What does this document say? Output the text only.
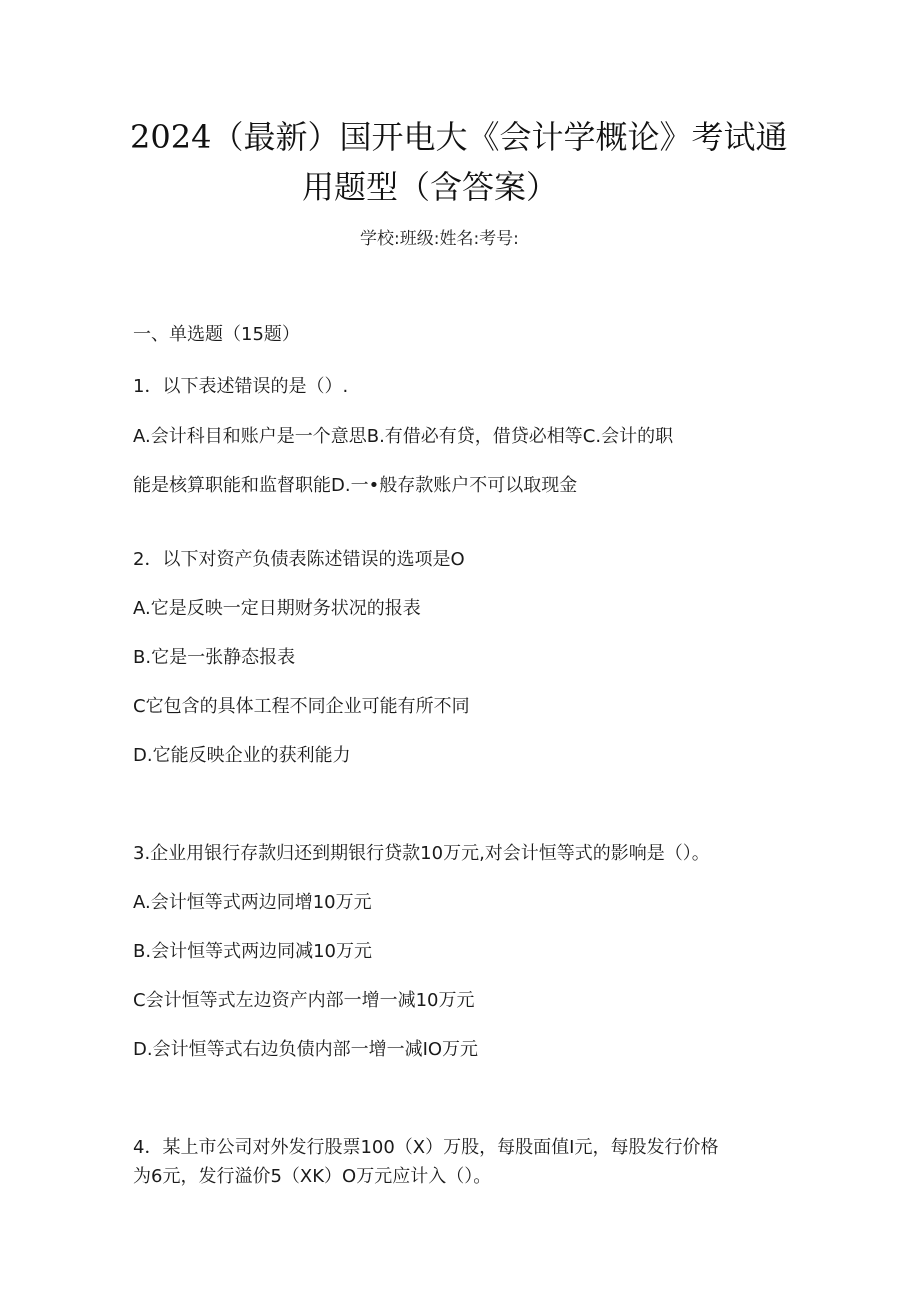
2024（最新）国开电大《会计学概论》考试通
用题型（含答案）
学校:班级:姓名:考号:
一、单选题（15题）
1．以下表述错误的是（）.
A.会计科目和账户是一个意思B.有借必有贷，借贷必相等C.会计的职
能是核算职能和监督职能D.一•般存款账户不可以取现金
2．以下对资产负债表陈述错误的选项是O
A.它是反映一定日期财务状况的报表
B.它是一张静态报表
C它包含的具体工程不同企业可能有所不同
D.它能反映企业的获利能力
3.企业用银行存款归还到期银行贷款10万元,对会计恒等式的影响是（）。
A.会计恒等式两边同增10万元
B.会计恒等式两边同减10万元
C会计恒等式左边资产内部一增一减10万元
D.会计恒等式右边负债内部一增一减IO万元
4．某上市公司对外发行股票100（X）万股，每股面值I元，每股发行价格
为6元，发行溢价5（XK）O万元应计入（）。
